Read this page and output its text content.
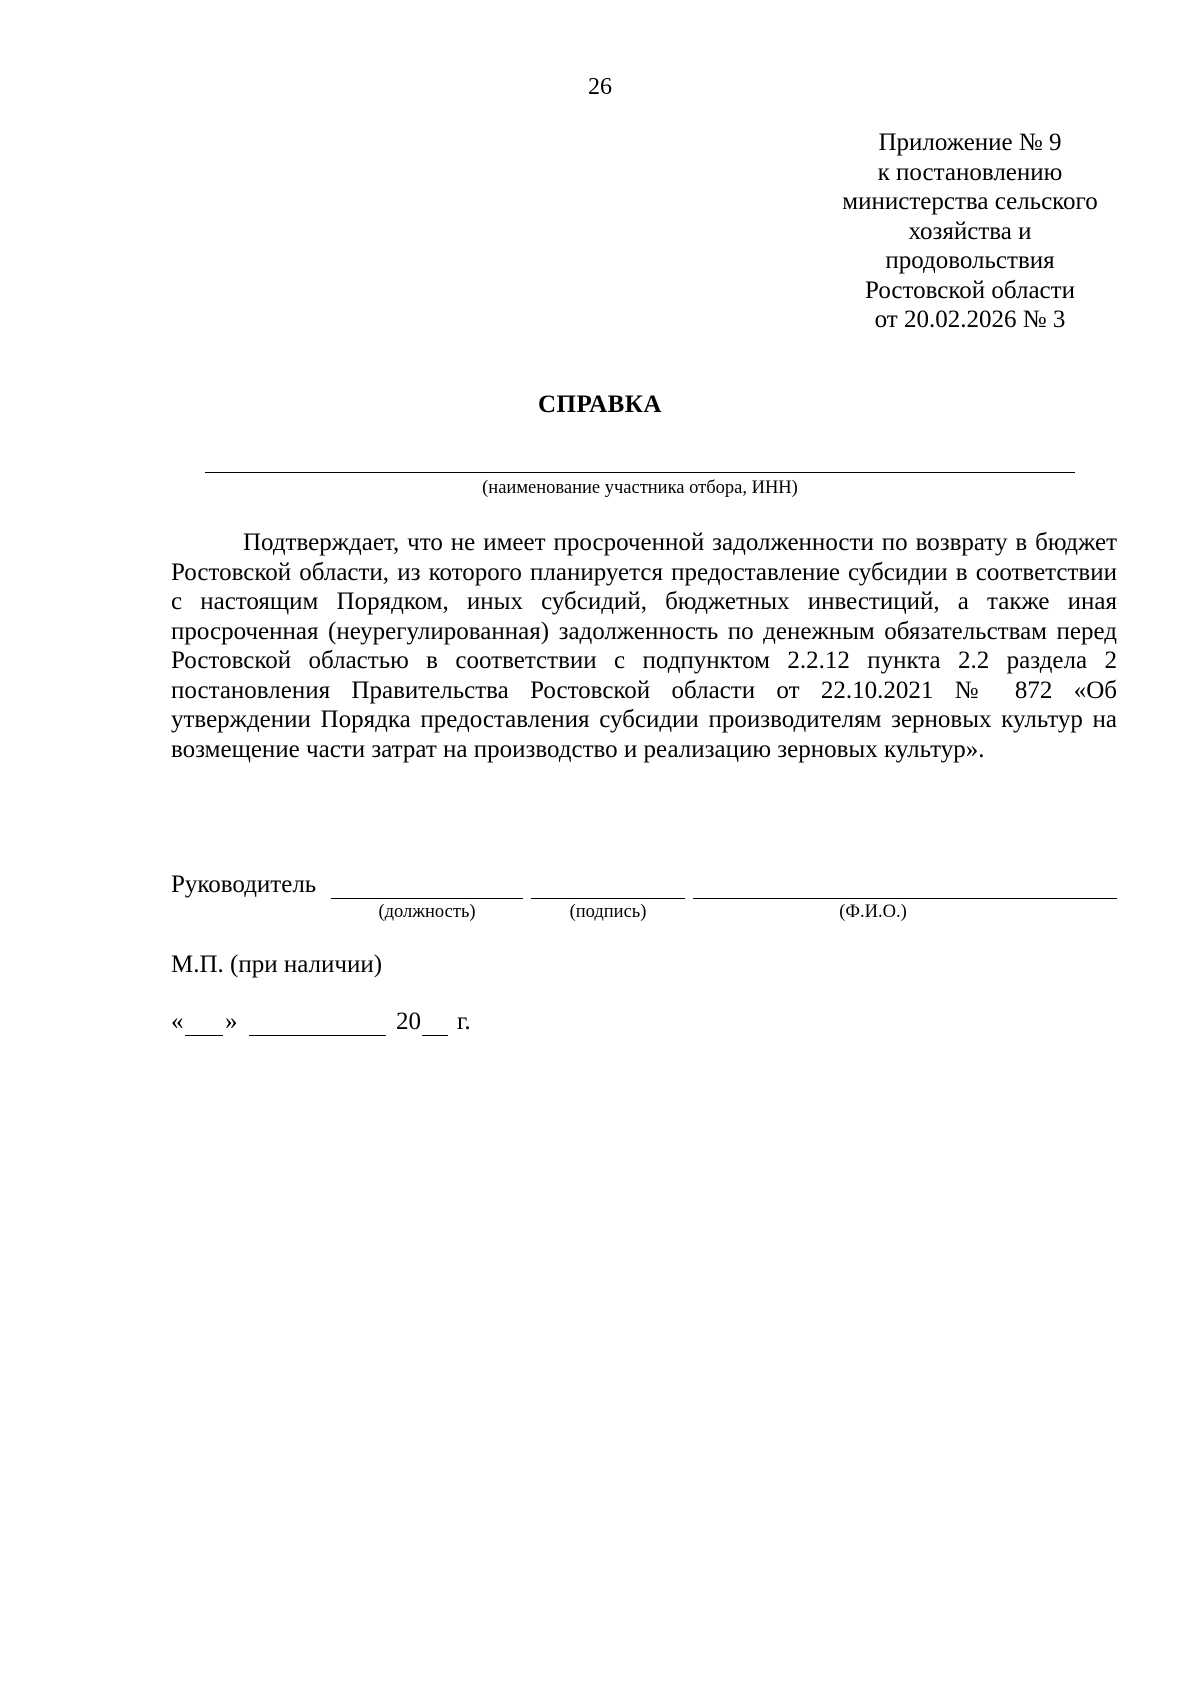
26
Приложение № 9
к постановлению
министерства сельского
хозяйства и
продовольствия
Ростовской области
от 20.02.2026 № 3
СПРАВКА
(наименование участника отбора, ИНН)

Подтверждает, что не имеет просроченной задолженности по возврату в бюджет Ростовской области, из которого планируется предоставление субсидии в соответствии с настоящим Порядком, иных субсидий, бюджетных инвестиций, а также иная просроченная (неурегулированная) задолженность по денежным обязательствам перед Ростовской областью в соответствии с подпунктом 2.2.12 пункта 2.2 раздела 2 постановления Правительства Ростовской области от 22.10.2021 № 872 «Об утверждении Порядка предоставления субсидии производителям зерновых культур на возмещение части затрат на производство и реализацию зерновых культур».

Руководитель
(должность)	(подпись)	(Ф.И.О.)
М.П. (при наличии)
« »	20 г.
